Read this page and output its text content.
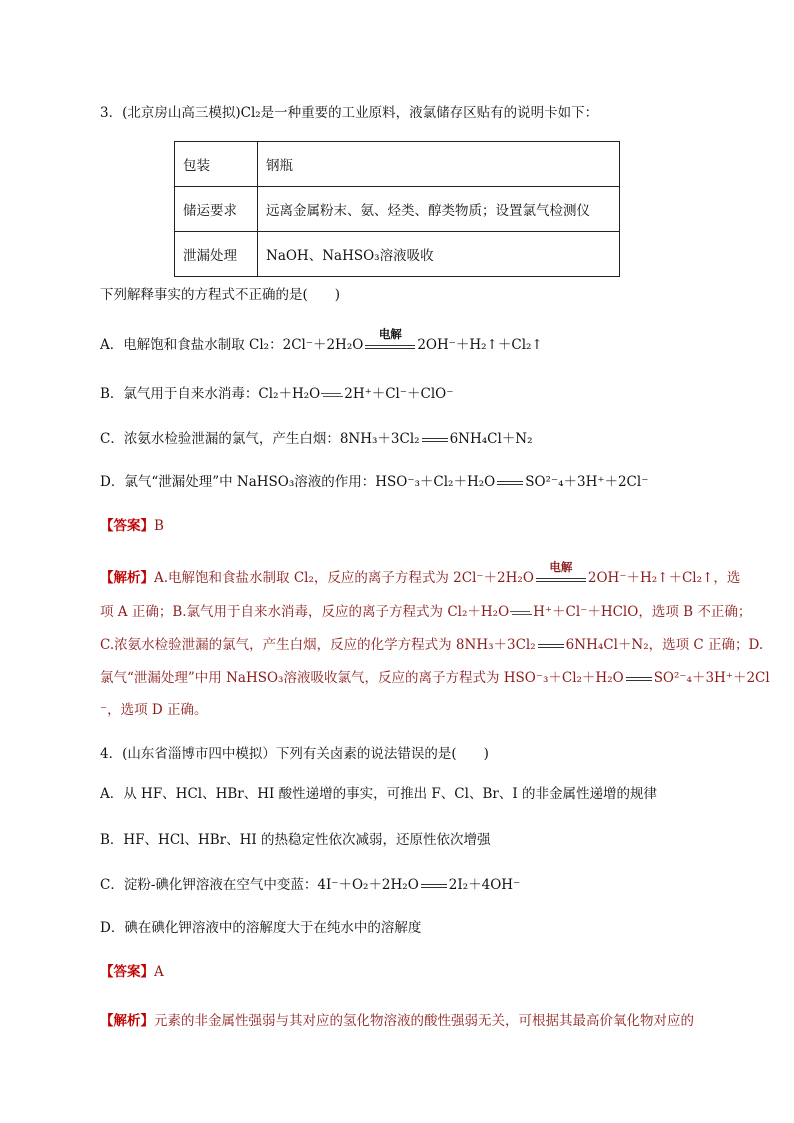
3．(北京房山高三模拟)Cl₂是一种重要的工业原料，液氯储存区贴有的说明卡如下：
包装	钢瓶
储运要求	远离金属粉末、氨、烃类、醇类物质；设置氯气检测仪
泄漏处理	NaOH、NaHSO₃溶液吸收
下列解释事实的方程式不正确的是(　　)
A．电解饱和食盐水制取 Cl₂：2Cl⁻＋2H₂O
电解
2OH⁻＋H₂↑＋Cl₂↑
B．氯气用于自来水消毒：Cl₂＋H₂O 2H⁺＋Cl⁻＋ClO⁻
C．浓氨水检验泄漏的氯气，产生白烟：8NH₃＋3Cl₂ 6NH₄Cl＋N₂
D．氯气“泄漏处理”中 NaHSO₃溶液的作用：HSO⁻₃＋Cl₂＋H₂O SO²⁻₄＋3H⁺＋2Cl⁻
【答案】B
【解析】A.电解饱和食盐水制取 Cl₂，反应的离子方程式为 2Cl⁻＋2H₂O
电解
2OH⁻＋H₂↑＋Cl₂↑，选
项 A 正确；B.氯气用于自来水消毒，反应的离子方程式为 Cl₂＋H₂O H⁺＋Cl⁻＋HClO，选项 B 不正确；
C.浓氨水检验泄漏的氯气，产生白烟，反应的化学方程式为 8NH₃＋3Cl₂ 6NH₄Cl＋N₂，选项 C 正确；D.
氯气“泄漏处理”中用 NaHSO₃溶液吸收氯气，反应的离子方程式为 HSO⁻₃＋Cl₂＋H₂O SO²⁻₄＋3H⁺＋2Cl
⁻，选项 D 正确。
4．(山东省淄博市四中模拟）下列有关卤素的说法错误的是(　　)
A．从 HF、HCl、HBr、HI 酸性递增的事实，可推出 F、Cl、Br、I 的非金属性递增的规律
B．HF、HCl、HBr、HI 的热稳定性依次减弱，还原性依次增强
C．淀粉-碘化钾溶液在空气中变蓝：4I⁻＋O₂＋2H₂O 2I₂＋4OH⁻
D．碘在碘化钾溶液中的溶解度大于在纯水中的溶解度
【答案】A
【解析】元素的非金属性强弱与其对应的氢化物溶液的酸性强弱无关，可根据其最高价氧化物对应的
